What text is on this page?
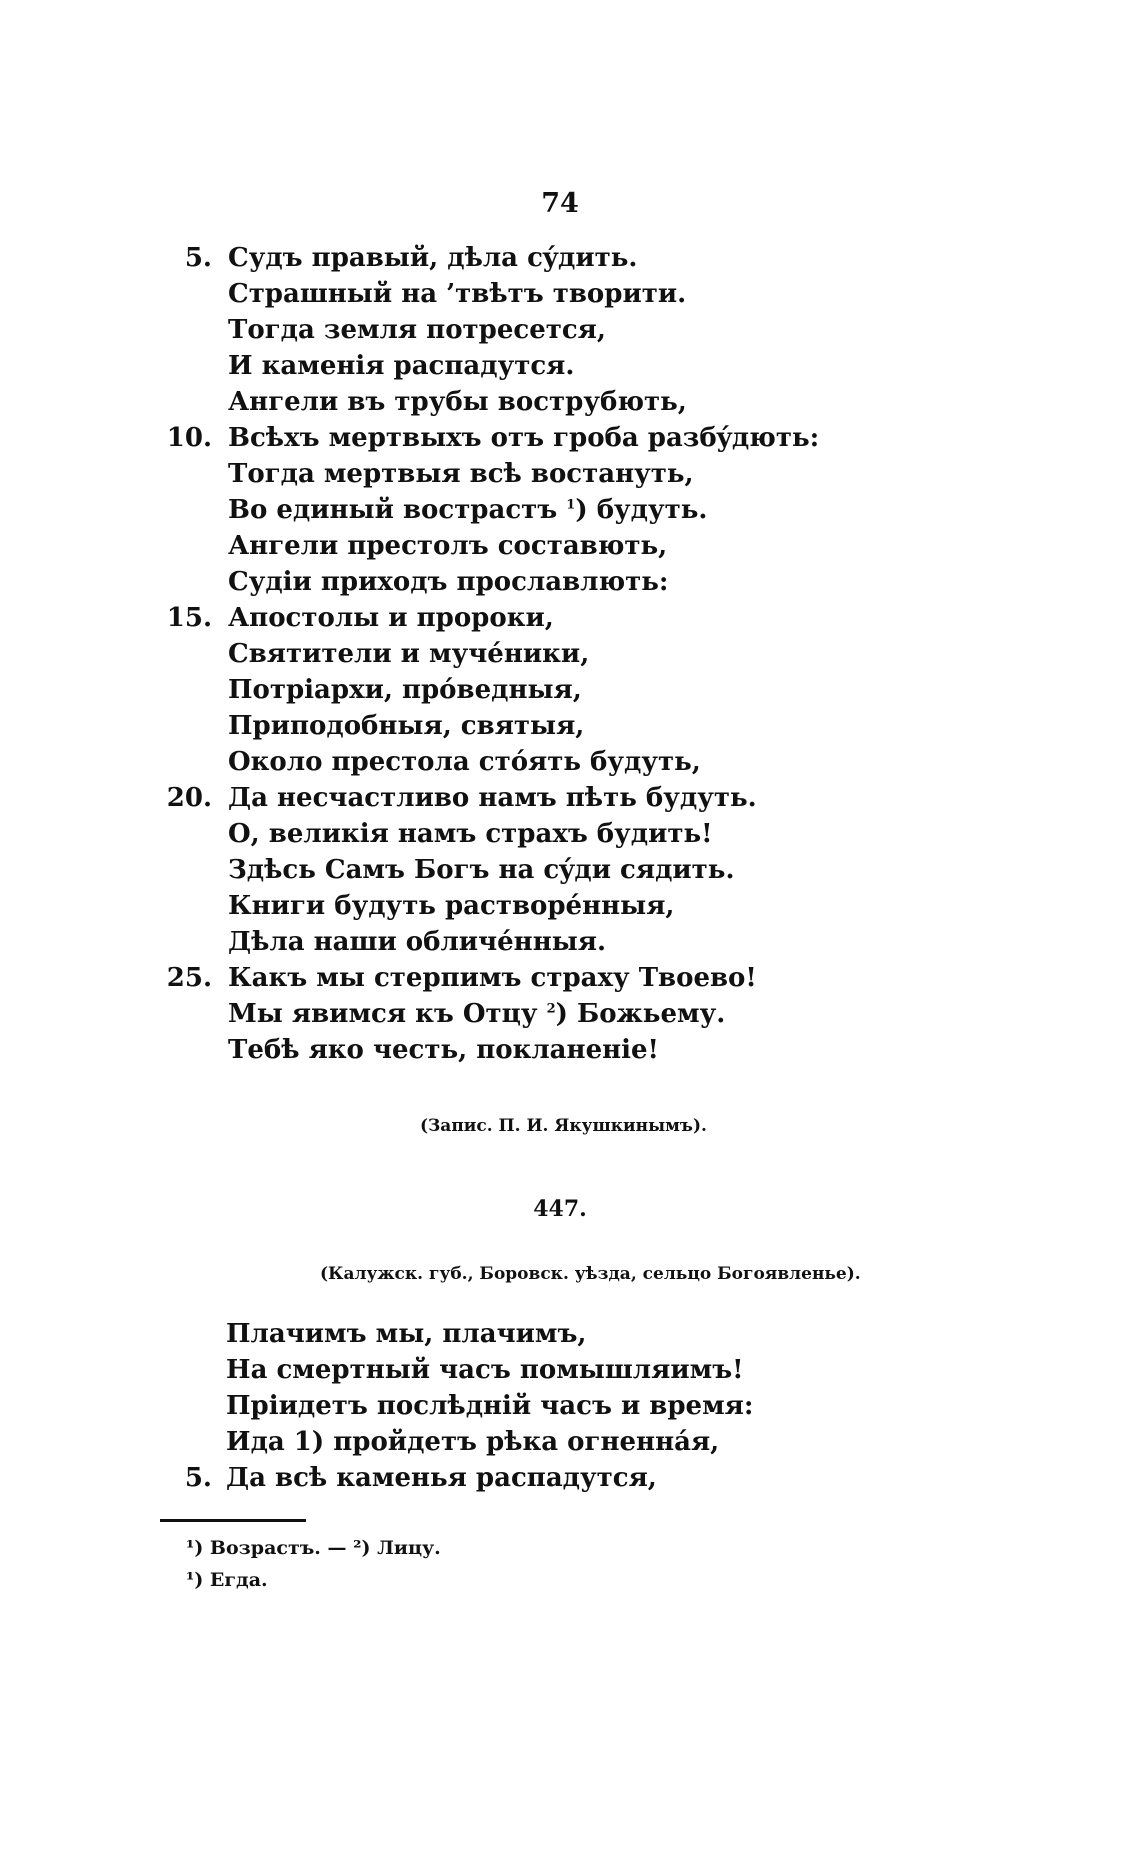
74
5. Судъ правый, дѣла сýдить.
Страшный на ’твѣтъ творити.
Тогда земля потресется,
И каменія распадутся.
Ангели въ трубы вострубють,
10. Всѣхъ мертвыхъ отъ гроба разбýдють:
Тогда мертвыя всѣ востануть,
Во единый вострастъ $^1$) будуть.
Ангели престолъ составють,
Судіи приходъ прославлють:
15. Апостолы и пророки,
Святители и мучéники,
Потріархи, прóведныя,
Приподобныя, святыя,
Около престола стóять будуть,
20. Да несчастливо намъ пѣть будуть.
О, великія намъ страхъ будить!
Здѣсь Самъ Богъ на сýди сядить.
Книги будуть растворéнныя,
Дѣла наши обличéнныя.
25. Какъ мы стерпимъ страху Твоево!
Мы явимся къ Отцу $^2$) Божьему.
Тебѣ яко честь, покланеніе!
(Запис. П. И. Якушкинымъ).
447.
(Калужск. губ., Боровск. уѣзда, сельцо Богоявленье).
Плачимъ мы, плачимъ,
На смертный часъ помышляимъ!
Пріидетъ послѣдній часъ и время:
Ида 1) пройдетъ рѣка огненнáя,
5. Да всѣ каменья распадутся,
¹) Возрастъ. — ²) Лицу.
¹) Егда.
